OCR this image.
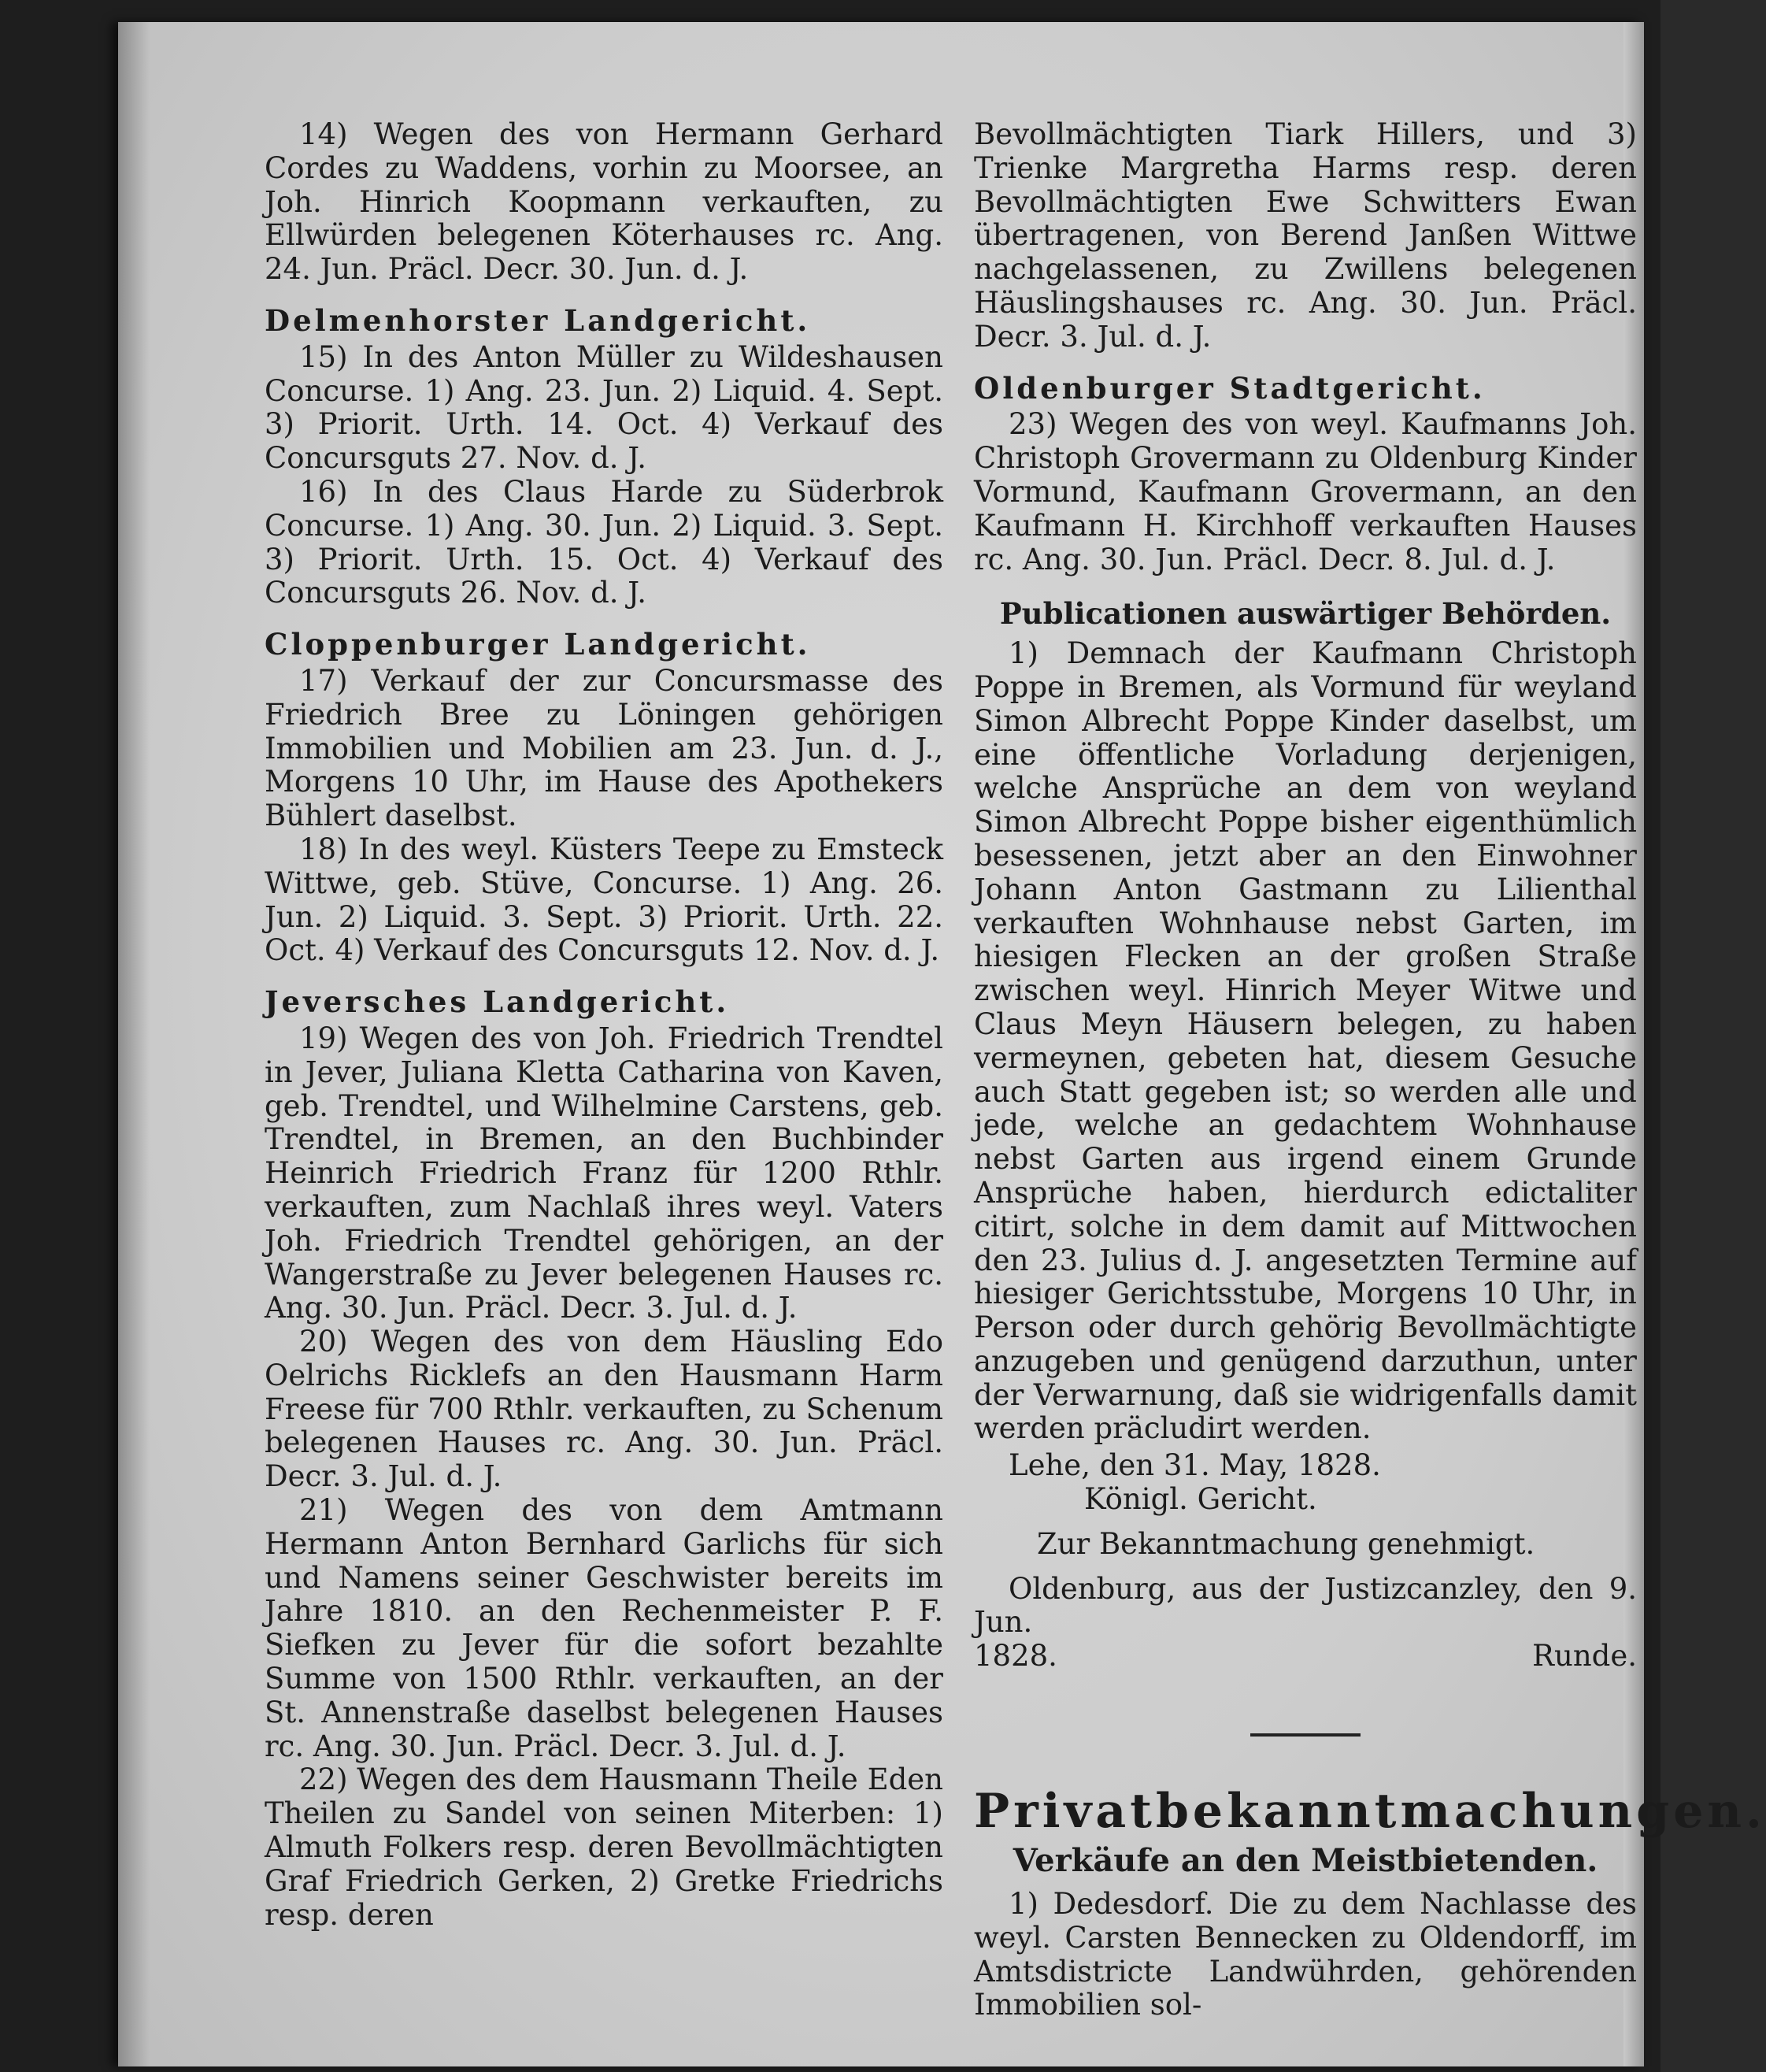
14) Wegen des von Hermann Gerhard Cordes zu Waddens, vorhin zu Moorsee, an Joh. Hinrich Koopmann verkauften, zu Ellwürden belegenen Köterhauses rc. Ang. 24. Jun. Präcl. Decr. 30. Jun. d. J.

Delmenhorster Landgericht.

15) In des Anton Müller zu Wildeshausen Concurse. 1) Ang. 23. Jun. 2) Liquid. 4. Sept. 3) Priorit. Urth. 14. Oct. 4) Verkauf des Concursguts 27. Nov. d. J.

16) In des Claus Harde zu Süderbrok Concurse. 1) Ang. 30. Jun. 2) Liquid. 3. Sept. 3) Priorit. Urth. 15. Oct. 4) Verkauf des Concursguts 26. Nov. d. J.

Cloppenburger Landgericht.

17) Verkauf der zur Concursmasse des Friedrich Bree zu Löningen gehörigen Immobilien und Mobilien am 23. Jun. d. J., Morgens 10 Uhr, im Hause des Apothekers Bühlert daselbst.

18) In des weyl. Küsters Teepe zu Emsteck Wittwe, geb. Stüve, Concurse. 1) Ang. 26. Jun. 2) Liquid. 3. Sept. 3) Priorit. Urth. 22. Oct. 4) Verkauf des Concursguts 12. Nov. d. J.

Jeversches Landgericht.

19) Wegen des von Joh. Friedrich Trendtel in Jever, Juliana Kletta Catharina von Kaven, geb. Trendtel, und Wilhelmine Carstens, geb. Trendtel, in Bremen, an den Buchbinder Heinrich Friedrich Franz für 1200 Rthlr. verkauften, zum Nachlaß ihres weyl. Vaters Joh. Friedrich Trendtel gehörigen, an der Wangerstraße zu Jever belegenen Hauses rc. Ang. 30. Jun. Präcl. Decr. 3. Jul. d. J.

20) Wegen des von dem Häusling Edo Oelrichs Ricklefs an den Hausmann Harm Freese für 700 Rthlr. verkauften, zu Schenum belegenen Hauses rc. Ang. 30. Jun. Präcl. Decr. 3. Jul. d. J.

21) Wegen des von dem Amtmann Hermann Anton Bernhard Garlichs für sich und Namens seiner Geschwister bereits im Jahre 1810. an den Rechenmeister P. F. Siefken zu Jever für die sofort bezahlte Summe von 1500 Rthlr. verkauften, an der St. Annenstraße daselbst belegenen Hauses rc. Ang. 30. Jun. Präcl. Decr. 3. Jul. d. J.

22) Wegen des dem Hausmann Theile Eden Theilen zu Sandel von seinen Miterben: 1) Almuth Folkers resp. deren Bevollmächtigten Graf Friedrich Gerken, 2) Gretke Friedrichs resp. deren

Bevollmächtigten Tiark Hillers, und 3) Trienke Margretha Harms resp. deren Bevollmächtigten Ewe Schwitters Ewan übertragenen, von Berend Janßen Wittwe nachgelassenen, zu Zwillens belegenen Häuslingshauses rc. Ang. 30. Jun. Präcl. Decr. 3. Jul. d. J.

Oldenburger Stadtgericht.

23) Wegen des von weyl. Kaufmanns Joh. Christoph Grovermann zu Oldenburg Kinder Vormund, Kaufmann Grovermann, an den Kaufmann H. Kirchhoff verkauften Hauses rc. Ang. 30. Jun. Präcl. Decr. 8. Jul. d. J.

Publicationen auswärtiger Behörden.

1) Demnach der Kaufmann Christoph Poppe in Bremen, als Vormund für weyland Simon Albrecht Poppe Kinder daselbst, um eine öffentliche Vorladung derjenigen, welche Ansprüche an dem von weyland Simon Albrecht Poppe bisher eigenthümlich besessenen, jetzt aber an den Einwohner Johann Anton Gastmann zu Lilienthal verkauften Wohnhause nebst Garten, im hiesigen Flecken an der großen Straße zwischen weyl. Hinrich Meyer Witwe und Claus Meyn Häusern belegen, zu haben vermeynen, gebeten hat, diesem Gesuche auch Statt gegeben ist; so werden alle und jede, welche an gedachtem Wohnhause nebst Garten aus irgend einem Grunde Ansprüche haben, hierdurch edictaliter citirt, solche in dem damit auf Mittwochen den 23. Julius d. J. angesetzten Termine auf hiesiger Gerichtsstube, Morgens 10 Uhr, in Person oder durch gehörig Bevollmächtigte anzugeben und genügend darzuthun, unter der Verwarnung, daß sie widrigenfalls damit werden präcludirt werden.

Lehe, den 31. May, 1828.

Königl. Gericht.

Zur Bekanntmachung genehmigt.

Oldenburg, aus der Justizcanzley, den 9. Jun.

1828.	Runde.

Privatbekanntmachungen.

Verkäufe an den Meistbietenden.

1) Dedesdorf. Die zu dem Nachlasse des weyl. Carsten Bennecken zu Oldendorff, im Amtsdistricte Landwührden, gehörenden Immobilien sol-
